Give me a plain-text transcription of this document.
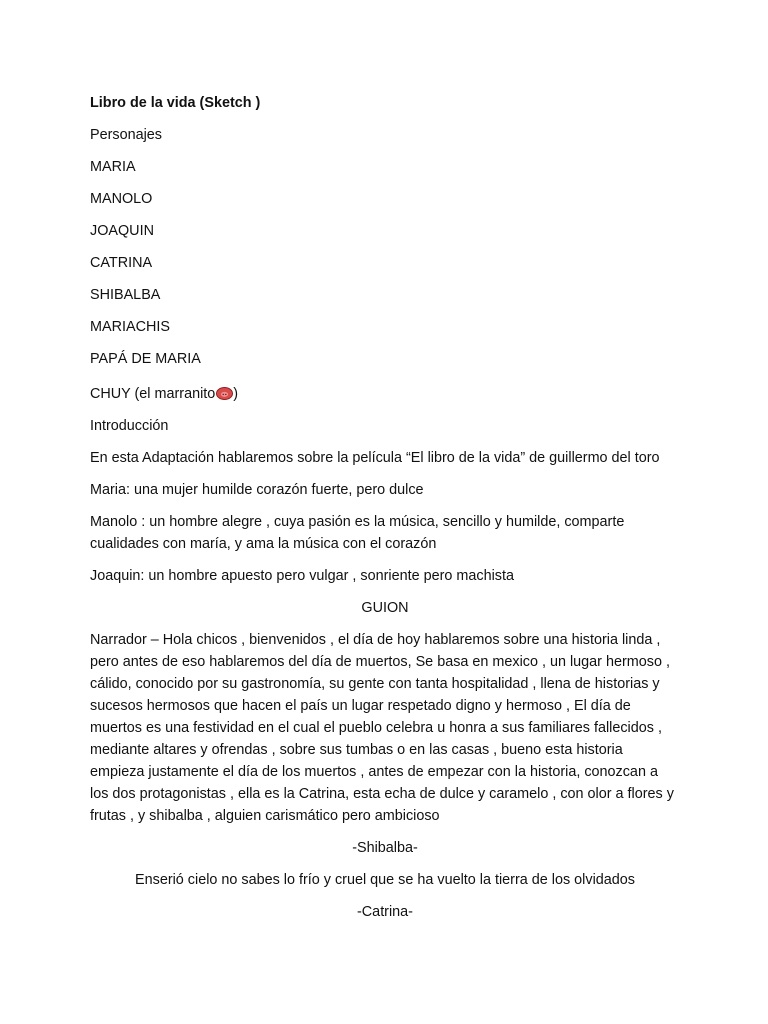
Libro de la vida (Sketch )

Personajes

MARIA

MANOLO

JOAQUIN

CATRINA

SHIBALBA

MARIACHIS

PAPÁ DE MARIA

CHUY (el marranito )

Introducción

En esta Adaptación hablaremos sobre la película “El libro de la vida” de guillermo del toro

Maria: una mujer humilde corazón fuerte, pero dulce

Manolo : un hombre alegre , cuya pasión es la música, sencillo y humilde, comparte cualidades con maría, y ama la música con el corazón

Joaquin: un hombre apuesto pero vulgar , sonriente pero machista

GUION

Narrador – Hola chicos , bienvenidos , el día de hoy hablaremos sobre una historia linda , pero antes de eso hablaremos del día de muertos, Se basa en mexico , un lugar hermoso , cálido, conocido por su gastronomía, su gente con tanta hospitalidad , llena de historias y sucesos hermosos que hacen el país un lugar respetado digno y hermoso , El día de muertos es una festividad en el cual el pueblo celebra u honra a sus familiares fallecidos , mediante altares y ofrendas , sobre sus tumbas o en las casas , bueno esta historia empieza justamente el día de los muertos , antes de empezar con la historia, conozcan a los dos protagonistas , ella es la Catrina, esta echa de dulce y caramelo , con olor a flores y frutas , y shibalba , alguien carismático pero ambicioso

-Shibalba-

Enserió cielo no sabes lo frío y cruel que se ha vuelto la tierra de los olvidados

-Catrina-
